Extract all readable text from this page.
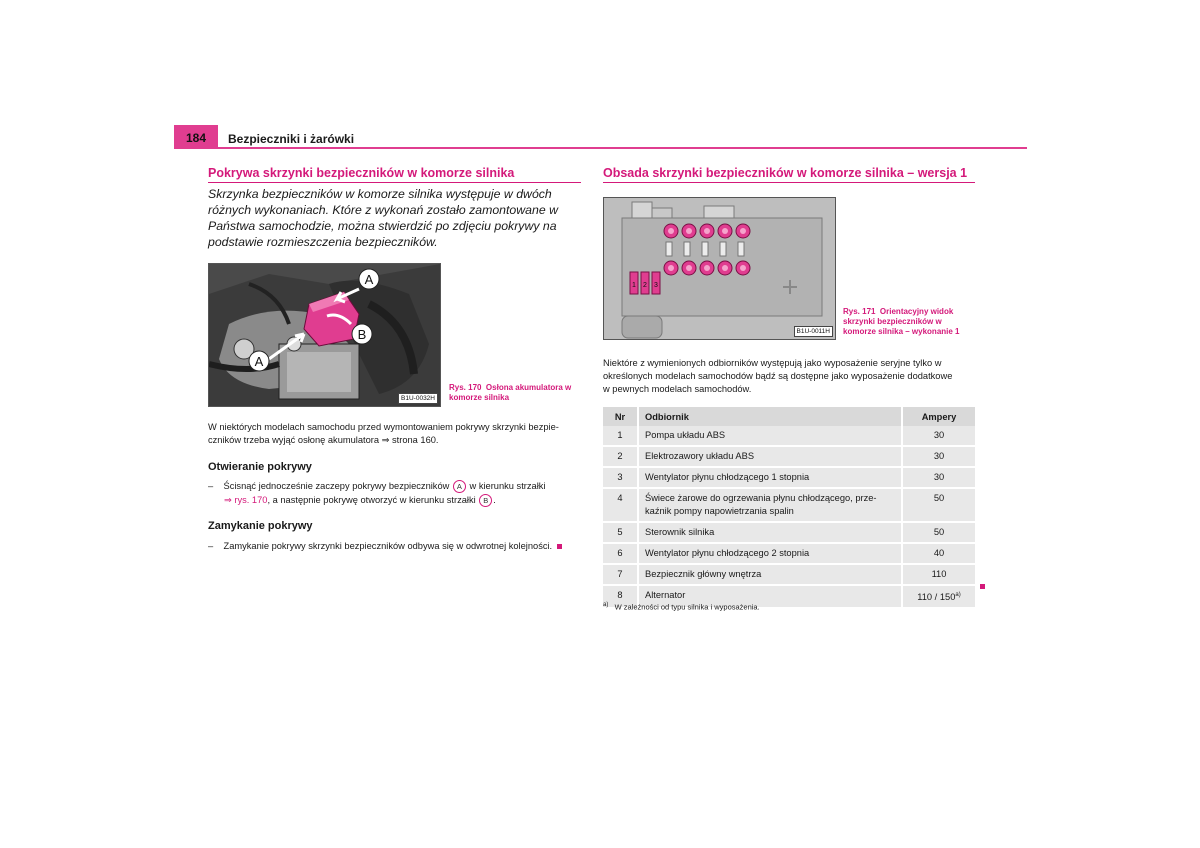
184 Bezpieczniki i żarówki
Pokrywa skrzynki bezpieczników w komorze silnika
Skrzynka bezpieczników w komorze silnika występuje w dwóch różnych wykonaniach. Które z wykonań zostało zamontowane w Państwa samochodzie, można stwierdzić po zdjęciu pokrywy na podstawie rozmieszczenia bezpieczników.
A
B
A
B1U-0032H
Rys. 170 Osłona akumulatora w komorze silnika
W niektórych modelach samochodu przed wymontowaniem pokrywy skrzynki bezpie-
czników trzeba wyjąć osłonę akumulatora ⇒ strona 160.
Otwieranie pokrywy
– Ścisnąć jednocześnie zaczepy pokrywy bezpieczników A w kierunku strzałki
⇒ rys. 170, a następnie pokrywę otworzyć w kierunku strzałki B .
Zamykanie pokrywy
– Zamykanie pokrywy skrzynki bezpieczników odbywa się w odwrotnej kolejności.
Obsada skrzynki bezpieczników w komorze silnika – wersja 1
1 2 3
B1U-0011H
Rys. 171 Orientacyjny widok
skrzynki bezpieczników w
komorze silnika – wykonanie 1
Niektóre z wymienionych odbiorników występują jako wyposażenie seryjne tylko w
określonych modelach samochodów bądź są dostępne jako wyposażenie dodatkowe
w pewnych modelach samochodów.
Nr	Odbiornik	Ampery
1	Pompa układu ABS	30
2	Elektrozawory układu ABS	30
3	Wentylator płynu chłodzącego 1 stopnia	30
4	Świece żarowe do ogrzewania płynu chłodzącego, prze-
kaźnik pompy napowietrzania spalin	50
5	Sterownik silnika	50
6	Wentylator płynu chłodzącego 2 stopnia	40
7	Bezpiecznik główny wnętrza	110
8	Alternator	110 / 150$^{a)}$
$^{a)}$ W zależności od typu silnika i wyposażenia.
